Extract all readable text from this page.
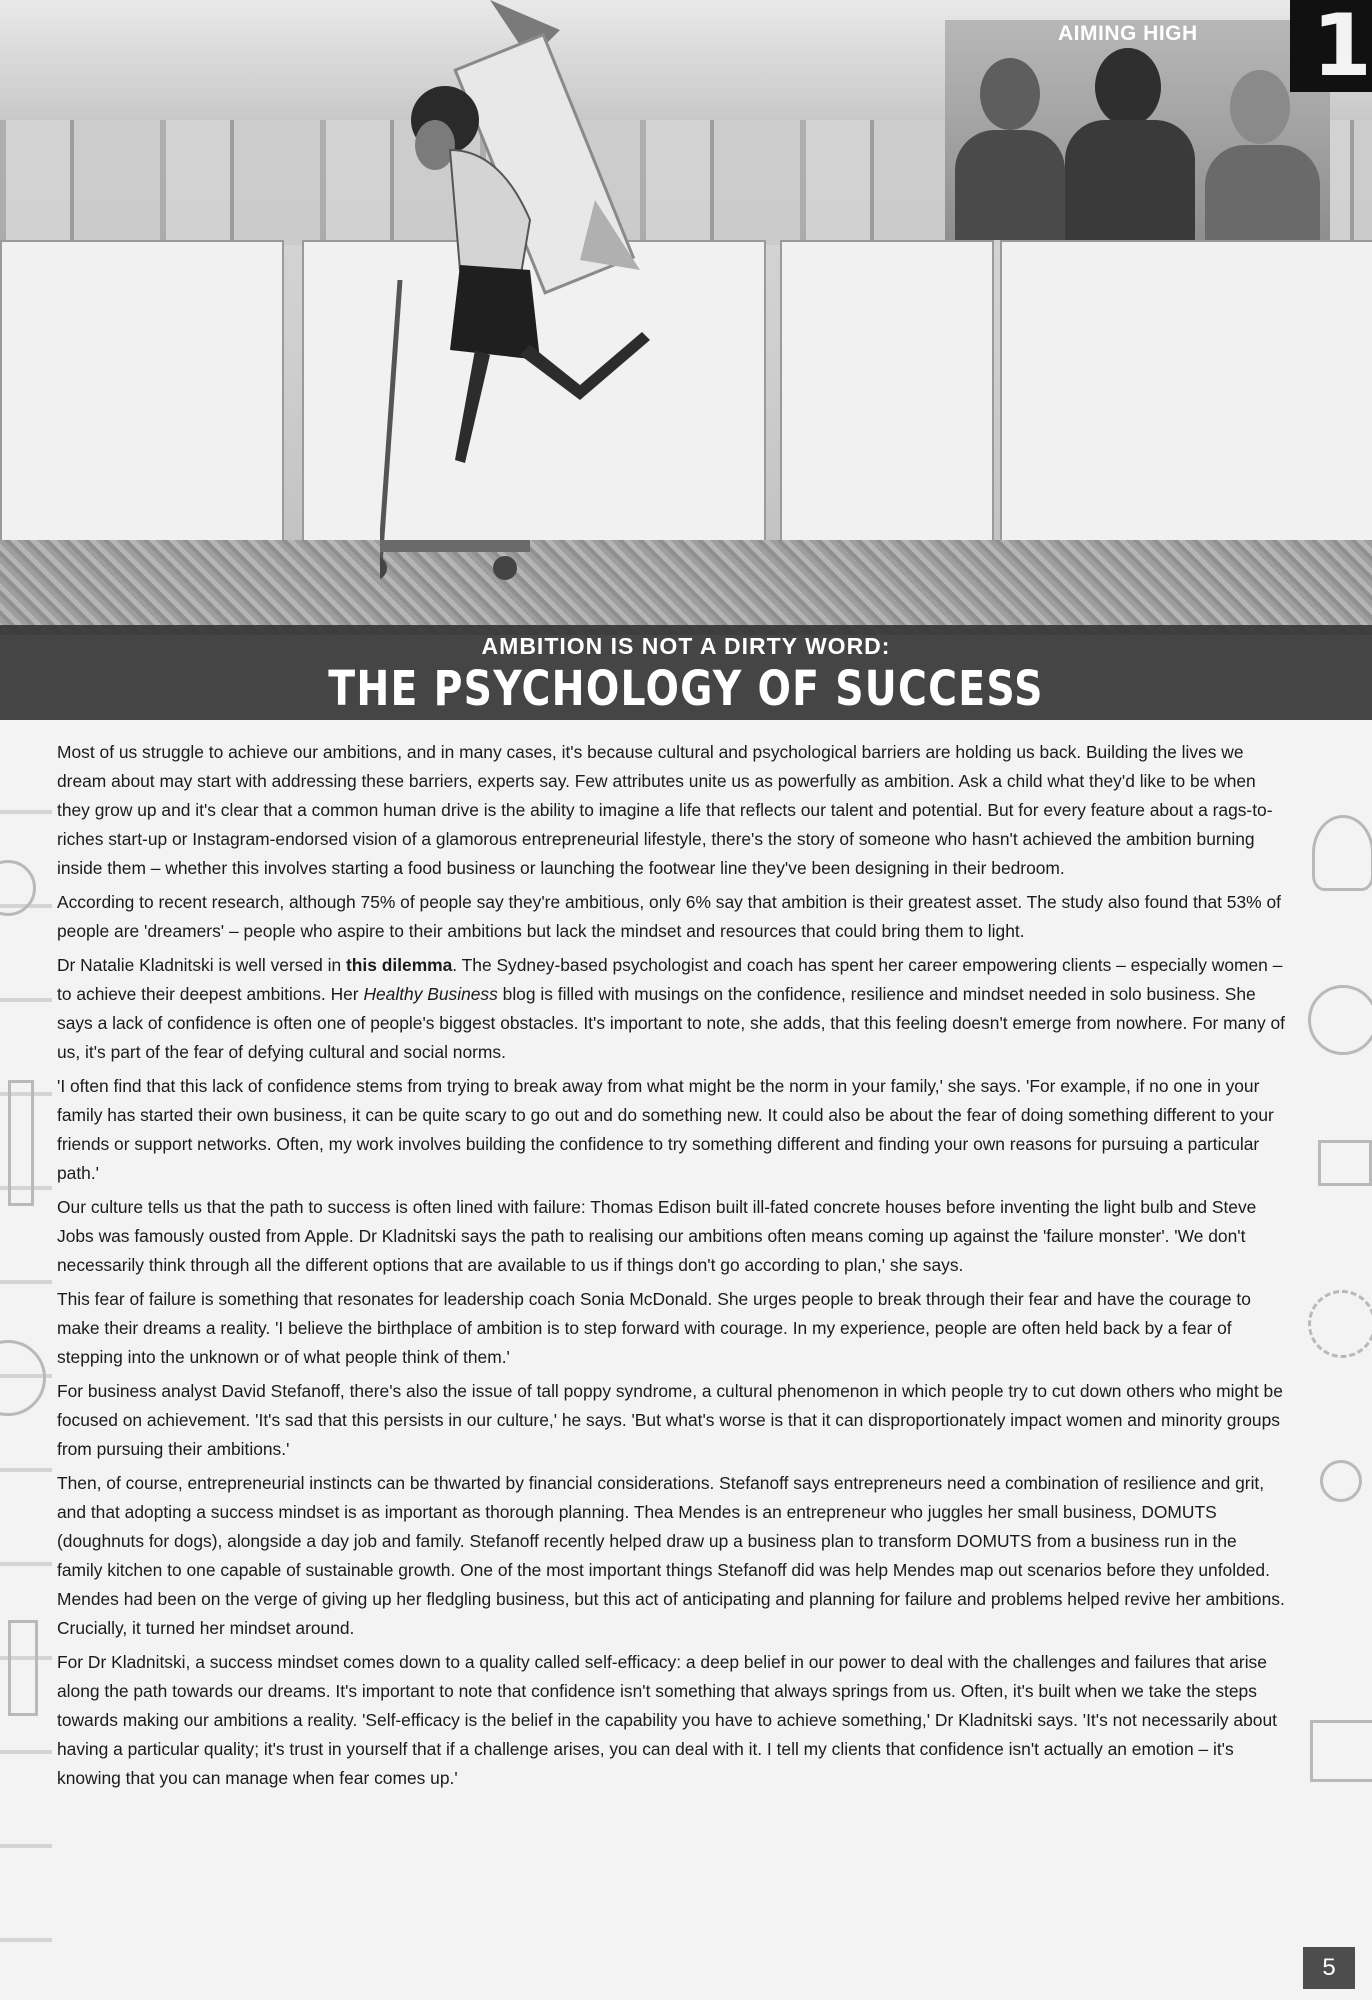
AIMING HIGH 1
AMBITION IS NOT A DIRTY WORD:
THE PSYCHOLOGY OF SUCCESS

Most of us struggle to achieve our ambitions, and in many cases, it's because cultural and psychological barriers are holding us back. Building the lives we dream about may start with addressing these barriers, experts say. Few attributes unite us as powerfully as ambition. Ask a child what they'd like to be when they grow up and it's clear that a common human drive is the ability to imagine a life that reflects our talent and potential. But for every feature about a rags-to-riches start-up or Instagram-endorsed vision of a glamorous entrepreneurial lifestyle, there's the story of someone who hasn't achieved the ambition burning inside them – whether this involves starting a food business or launching the footwear line they've been designing in their bedroom.

According to recent research, although 75% of people say they're ambitious, only 6% say that ambition is their greatest asset. The study also found that 53% of people are 'dreamers' – people who aspire to their ambitions but lack the mindset and resources that could bring them to light.

Dr Natalie Kladnitski is well versed in this dilemma. The Sydney-based psychologist and coach has spent her career empowering clients – especially women – to achieve their deepest ambitions. Her Healthy Business blog is filled with musings on the confidence, resilience and mindset needed in solo business. She says a lack of confidence is often one of people's biggest obstacles. It's important to note, she adds, that this feeling doesn't emerge from nowhere. For many of us, it's part of the fear of defying cultural and social norms.

'I often find that this lack of confidence stems from trying to break away from what might be the norm in your family,' she says. 'For example, if no one in your family has started their own business, it can be quite scary to go out and do something new. It could also be about the fear of doing something different to your friends or support networks. Often, my work involves building the confidence to try something different and finding your own reasons for pursuing a particular path.'

Our culture tells us that the path to success is often lined with failure: Thomas Edison built ill-fated concrete houses before inventing the light bulb and Steve Jobs was famously ousted from Apple. Dr Kladnitski says the path to realising our ambitions often means coming up against the 'failure monster'. 'We don't necessarily think through all the different options that are available to us if things don't go according to plan,' she says.

This fear of failure is something that resonates for leadership coach Sonia McDonald. She urges people to break through their fear and have the courage to make their dreams a reality. 'I believe the birthplace of ambition is to step forward with courage. In my experience, people are often held back by a fear of stepping into the unknown or of what people think of them.'

For business analyst David Stefanoff, there's also the issue of tall poppy syndrome, a cultural phenomenon in which people try to cut down others who might be focused on achievement. 'It's sad that this persists in our culture,' he says. 'But what's worse is that it can disproportionately impact women and minority groups from pursuing their ambitions.'

Then, of course, entrepreneurial instincts can be thwarted by financial considerations. Stefanoff says entrepreneurs need a combination of resilience and grit, and that adopting a success mindset is as important as thorough planning. Thea Mendes is an entrepreneur who juggles her small business, DOMUTS (doughnuts for dogs), alongside a day job and family. Stefanoff recently helped draw up a business plan to transform DOMUTS from a business run in the family kitchen to one capable of sustainable growth. One of the most important things Stefanoff did was help Mendes map out scenarios before they unfolded. Mendes had been on the verge of giving up her fledgling business, but this act of anticipating and planning for failure and problems helped revive her ambitions. Crucially, it turned her mindset around.

For Dr Kladnitski, a success mindset comes down to a quality called self-efficacy: a deep belief in our power to deal with the challenges and failures that arise along the path towards our dreams. It's important to note that confidence isn't something that always springs from us. Often, it's built when we take the steps towards making our ambitions a reality. 'Self-efficacy is the belief in the capability you have to achieve something,' Dr Kladnitski says. 'It's not necessarily about having a particular quality; it's trust in yourself that if a challenge arises, you can deal with it. I tell my clients that confidence isn't actually an emotion – it's knowing that you can manage when fear comes up.'

5
